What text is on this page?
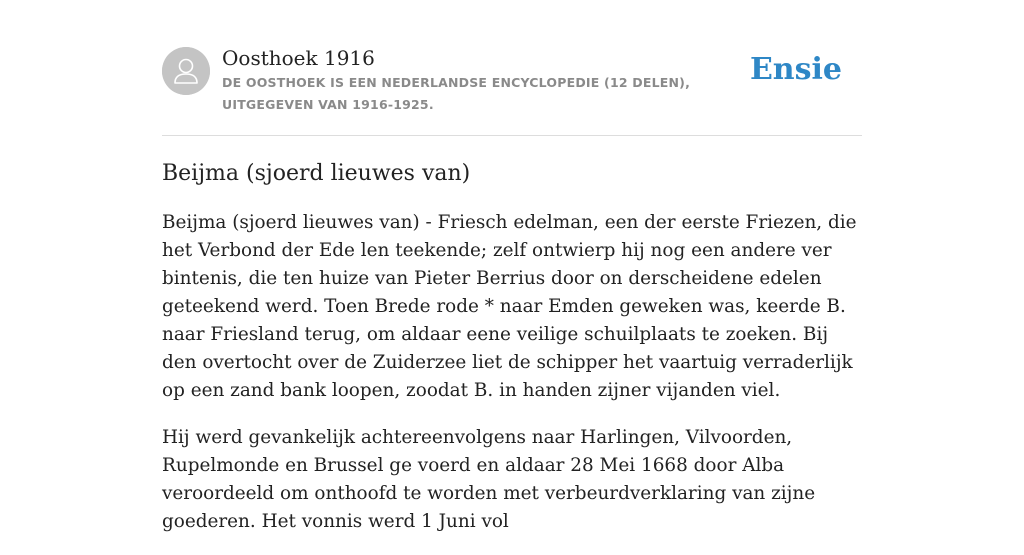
Oosthoek 1916
DE OOSTHOEK IS EEN NEDERLANDSE ENCYCLOPEDIE (12 DELEN), UITGEGEVEN VAN 1916-1925.
Ensie
Beijma (sjoerd lieuwes van)

Beijma (sjoerd lieuwes van) - Friesch edelman, een der eerste Friezen, die het Verbond der Ede len teekende; zelf ontwierp hij nog een andere ver bintenis, die ten huize van Pieter Berrius door on derscheidene edelen geteekend werd. Toen Brede rode * naar Emden geweken was, keerde B. naar Friesland terug, om aldaar eene veilige schuilplaats te zoeken. Bij den overtocht over de Zuiderzee liet de schipper het vaartuig verraderlijk op een zand bank loopen, zoodat B. in handen zijner vijanden viel.

Hij werd gevankelijk achtereenvolgens naar Harlingen, Vilvoorden, Rupelmonde en Brussel ge voerd en aldaar 28 Mei 1668 door Alba veroordeeld om onthoofd te worden met verbeurdverklaring van zijne goederen. Het vonnis werd 1 Juni vol
